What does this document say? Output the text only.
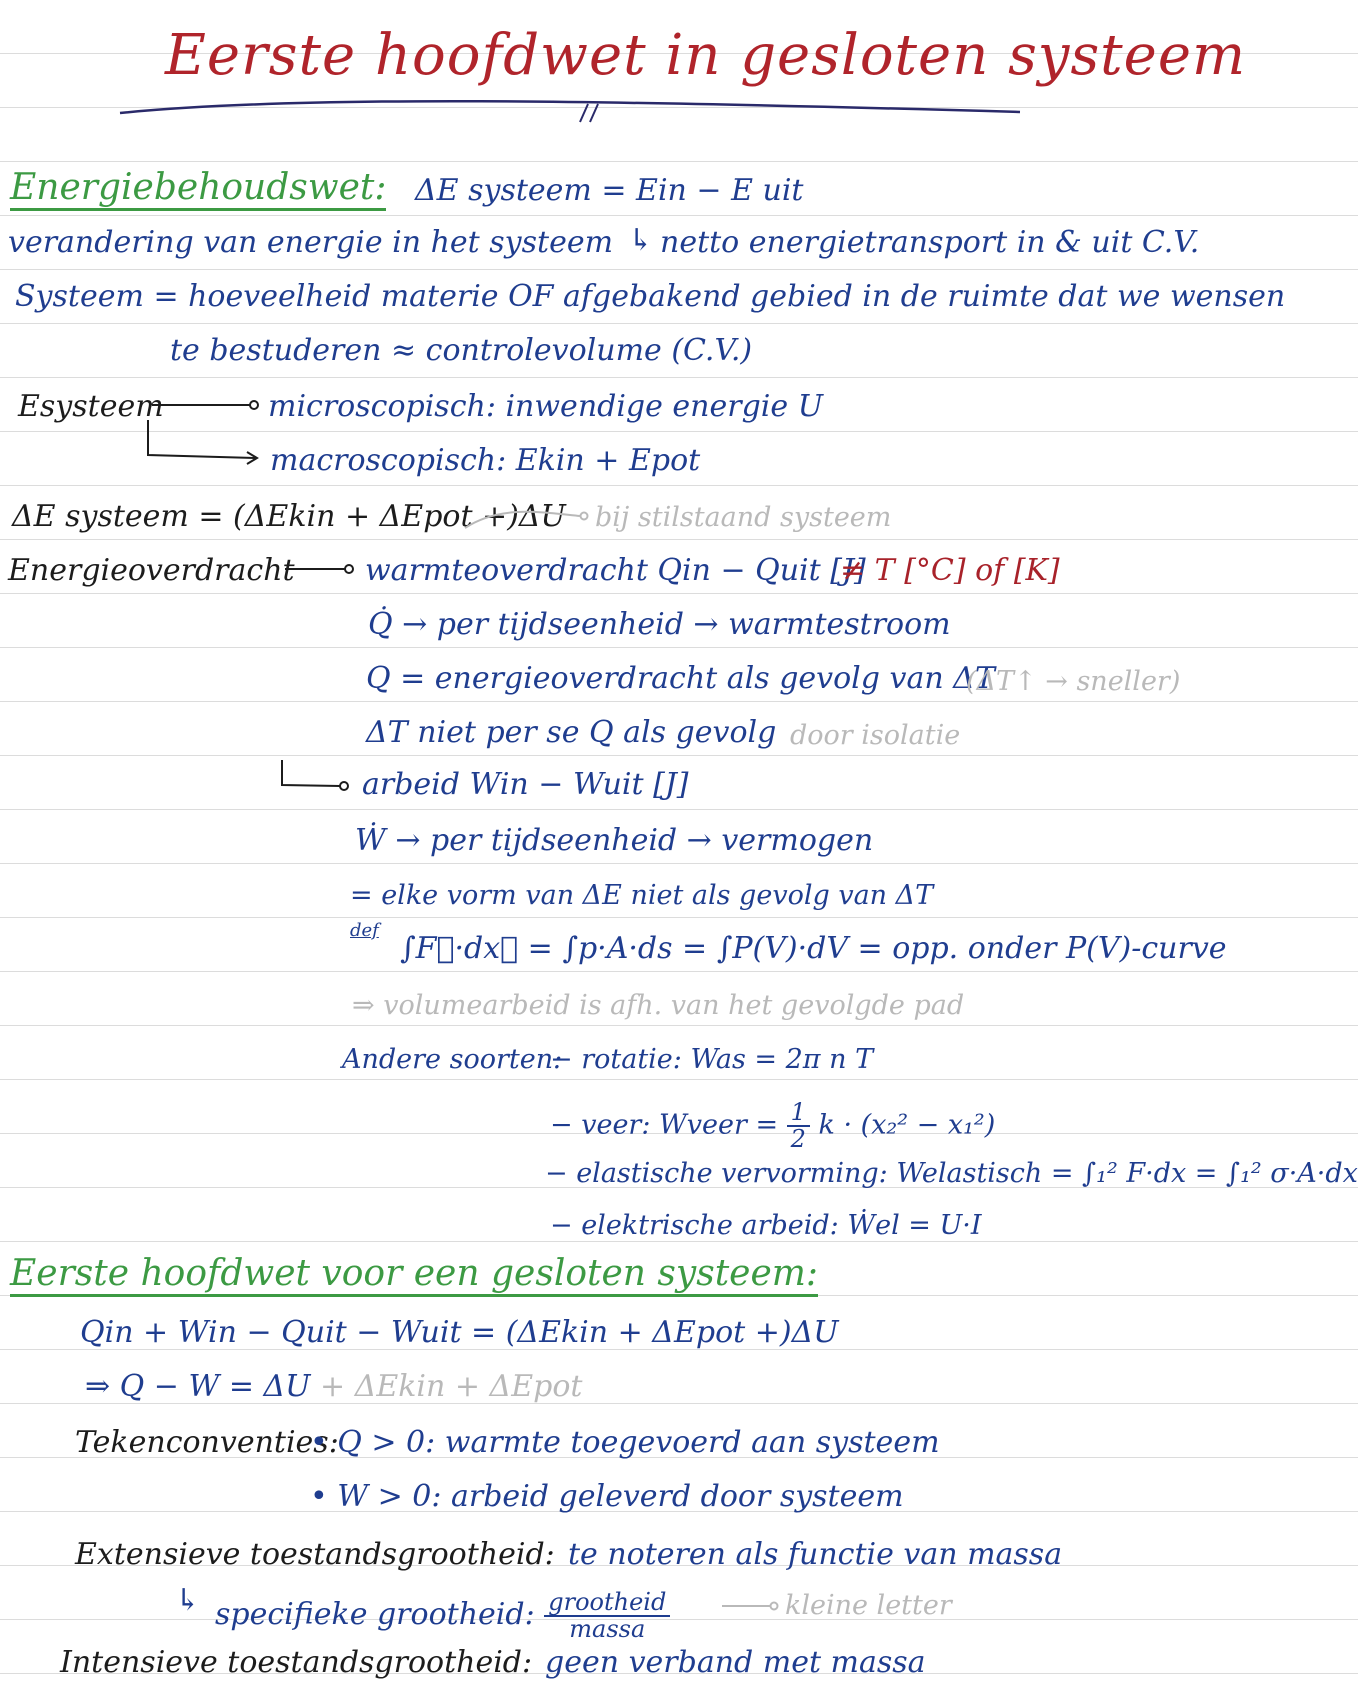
Eerste hoofdwet in gesloten systeem
Energiebehoudswet: ΔE systeem = Ein − E uit
verandering van energie in het systeem ↳ netto energietransport in & uit C.V.
Systeem = hoeveelheid materie OF afgebakend gebied in de ruimte dat we wensen
te bestuderen ≈ controlevolume (C.V.)
Esysteem	microscopisch: inwendige energie U
macroscopisch: Ekin + Epot
ΔE systeem = (ΔEkin + ΔEpot +)ΔU bij stilstaand systeem
Energieoverdracht warmteoverdracht Qin − Quit [J]
≠ T [°C] of [K]
Q̇ → per tijdseenheid → warmtestroom
Q = energieoverdracht als gevolg van ΔT
(ΔT↑ → sneller)
ΔT niet per se Q als gevolg door isolatie
arbeid Win − Wuit [J]
Ẇ → per tijdseenheid → vermogen
= elke vorm van ΔE niet als gevolg van ΔT
def
∫F⃗·dx⃗ = ∫p·A·ds = ∫P(V)·dV = opp. onder P(V)-curve
⇒ volumearbeid is afh. van het gevolgde pad
Andere soorten:
− rotatie: Was = 2π n T
− veer: Wveer = $\frac{1}{2}$ k · (x₂² − x₁²)
− elastische vervorming: Welastisch = ∫₁² F·dx = ∫₁² σ·A·dx
− elektrische arbeid: Ẇel = U·I
Eerste hoofdwet voor een gesloten systeem:
Qin + Win − Quit − Wuit = (ΔEkin + ΔEpot +)ΔU
⇒ Q − W = ΔU + ΔEkin + ΔEpot
Tekenconventies:
• Q > 0: warmte toegevoerd aan systeem
• W > 0: arbeid geleverd door systeem
Extensieve toestandsgrootheid: te noteren als functie van massa
↳ specifieke grootheid: $\frac{\text{grootheid}}{\text{massa}}$	kleine letter
Intensieve toestandsgrootheid: geen verband met massa
